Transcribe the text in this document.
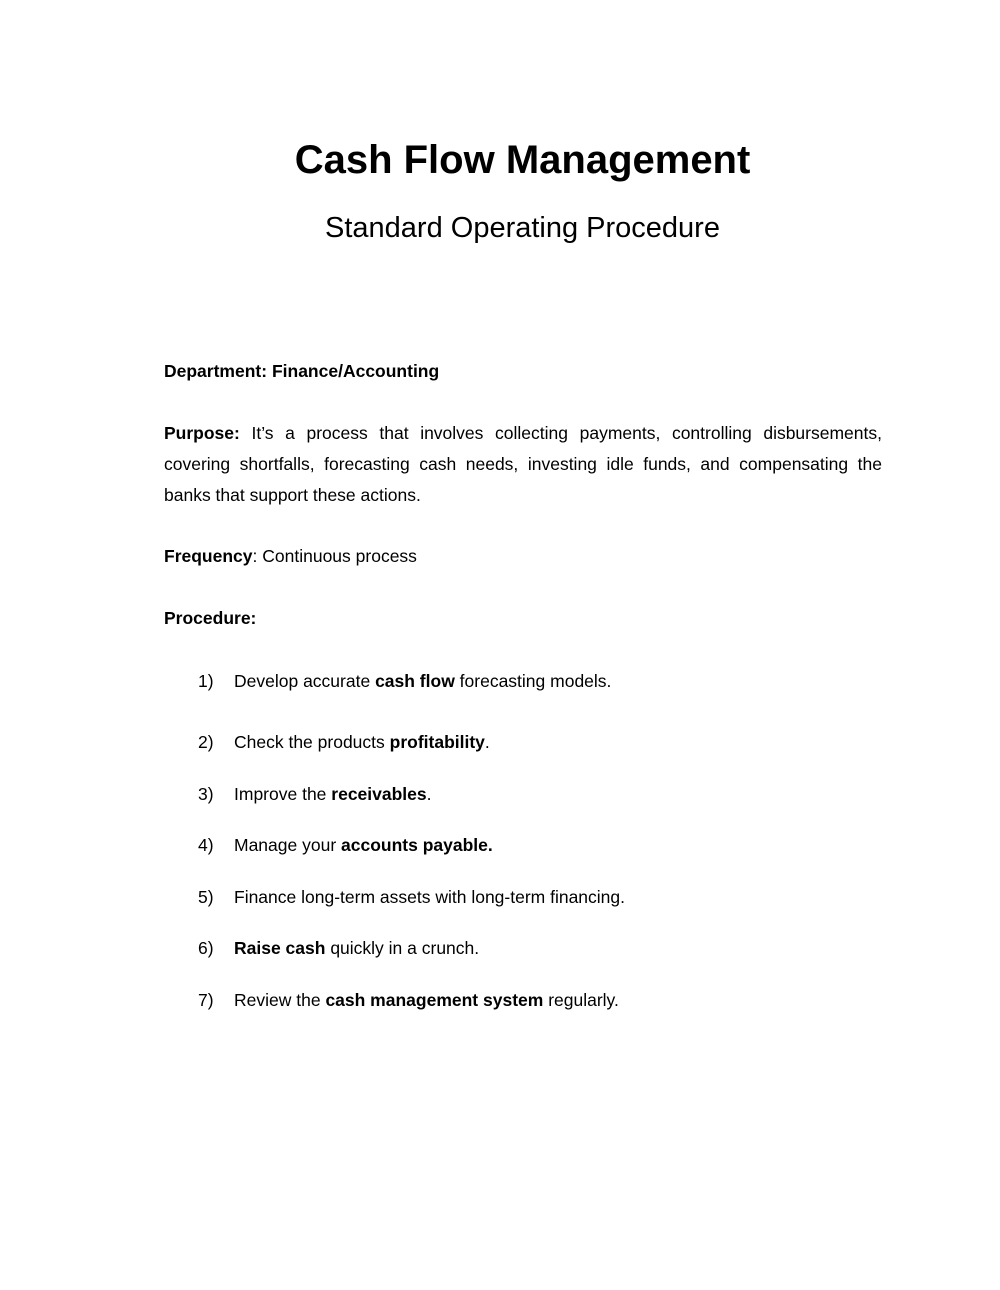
Cash Flow Management
Standard Operating Procedure
Department: Finance/Accounting
Purpose: It’s a process that involves collecting payments, controlling disbursements, covering shortfalls, forecasting cash needs, investing idle funds, and compensating the banks that support these actions.
Frequency: Continuous process
Procedure:
1)	Develop accurate cash flow forecasting models.
2)	Check the products profitability.
3)	Improve the receivables.
4)	Manage your accounts payable.
5)	Finance long-term assets with long-term financing.
6)	Raise cash quickly in a crunch.
7)	Review the cash management system regularly.
